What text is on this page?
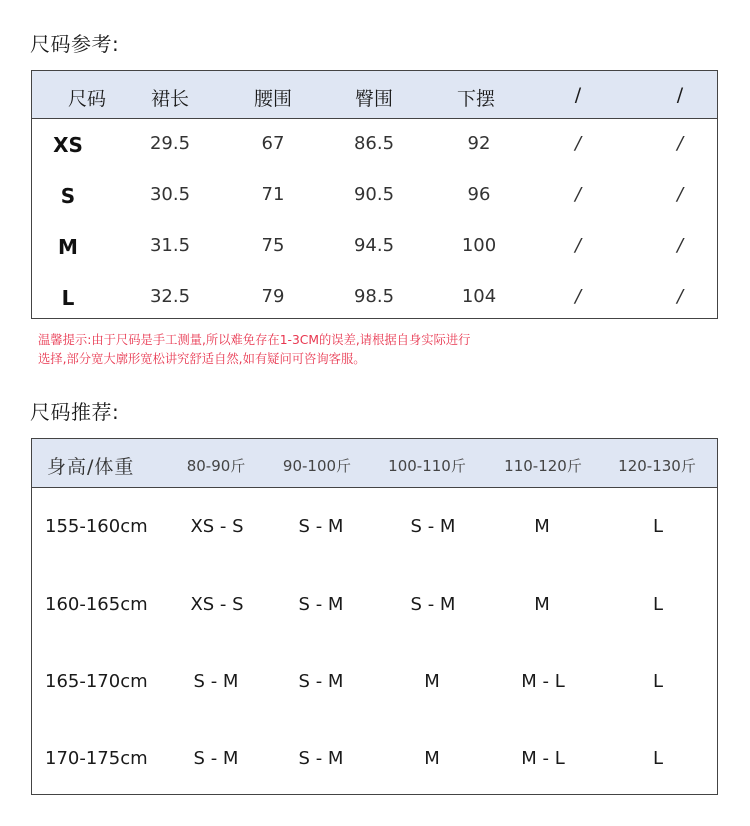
尺码参考:
尺码 裙长	腰围	臀围	下摆	/	/
XS	29.5	67	86.5	92	/	/
S	30.5	71	90.5	96	/	/
M	31.5	75	94.5	100	/	/
L	32.5	79	98.5	104	/	/
温馨提示:由于尺码是手工测量,所以难免存在1-3CM的误差,请根据自身实际进行
选择,部分宽大廓形宽松讲究舒适自然,如有疑问可咨询客服。
尺码推荐:
身高/体重	80-90斤	90-100斤 100-110斤	110-120斤 120-130斤
155-160cm XS - S	S - M	S - M	M	L
160-165cm XS - S	S - M	S - M	M	L
165-170cm	S - M	S - M	M	M - L	L
170-175cm	S - M	S - M	M	M - L	L
